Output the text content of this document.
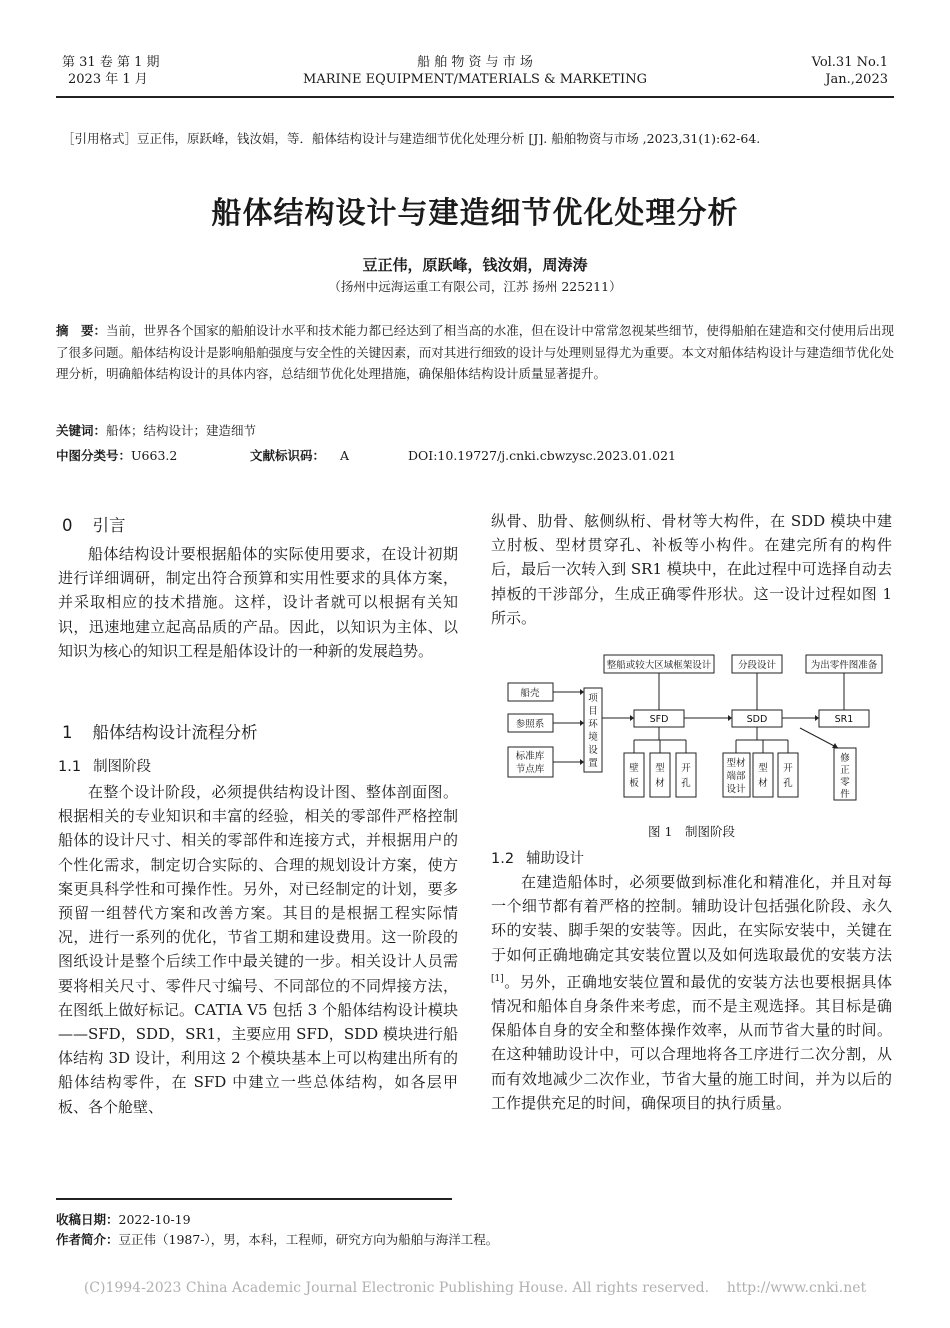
第 31 卷 第 1 期
2023 年 1 月
船 舶 物 资 与 市 场
MARINE EQUIPMENT/MATERIALS & MARKETING
Vol.31 No.1
Jan.,2023
［引用格式］豆正伟，原跃峰，钱汝娟，等．船体结构设计与建造细节优化处理分析 [J]. 船舶物资与市场 ,2023,31(1):62-64.
船体结构设计与建造细节优化处理分析
豆正伟，原跃峰，钱汝娟，周涛涛
（扬州中远海运重工有限公司，江苏 扬州 225211）
摘　要：当前，世界各个国家的船舶设计水平和技术能力都已经达到了相当高的水准，但在设计中常常忽视某些细节，使得船舶在建造和交付使用后出现了很多问题。船体结构设计是影响船舶强度与安全性的关键因素，而对其进行细致的设计与处理则显得尤为重要。本文对船体结构设计与建造细节优化处理分析，明确船体结构设计的具体内容，总结细节优化处理措施，确保船体结构设计质量显著提升。
关键词：船体；结构设计；建造细节
中图分类号：U663.2	文献标识码： A	DOI:10.19727/j.cnki.cbwzysc.2023.01.021
0 引言

船体结构设计要根据船体的实际使用要求，在设计初期进行详细调研，制定出符合预算和实用性要求的具体方案，并采取相应的技术措施。这样，设计者就可以根据有关知识，迅速地建立起高品质的产品。因此，以知识为主体、以知识为核心的知识工程是船体设计的一种新的发展趋势。

1 船体结构设计流程分析
1.1 制图阶段

在整个设计阶段，必须提供结构设计图、整体剖面图。根据相关的专业知识和丰富的经验，相关的零部件严格控制船体的设计尺寸、相关的零部件和连接方式，并根据用户的个性化需求，制定切合实际的、合理的规划设计方案，使方案更具科学性和可操作性。另外，对已经制定的计划，要多预留一组替代方案和改善方案。其目的是根据工程实际情况，进行一系列的优化，节省工期和建设费用。这一阶段的图纸设计是整个后续工作中最关键的一步。相关设计人员需要将相关尺寸、零件尺寸编号、不同部位的不同焊接方法，在图纸上做好标记。CATIA V5 包括 3 个船体结构设计模块——SFD，SDD，SR1，主要应用 SFD，SDD 模块进行船体结构 3D 设计，利用这 2 个模块基本上可以构建出所有的船体结构零件，在 SFD 中建立一些总体结构，如各层甲板、各个舱壁、

纵骨、肋骨、舷侧纵桁、骨材等大构件，在 SDD 模块中建立肘板、型材贯穿孔、补板等小构件。在建完所有的构件后，最后一次转入到 SR1 模块中，在此过程中可选择自动去掉板的干涉部分，生成正确零件形状。这一设计过程如图 1 所示。

整船或较大区域框架设计	分段设计	为出零件图准备
船壳
参照系
标准库
节点库
项
目
环
境
设
置
SFD	SDD	SR1
壁
板
型
材
开
孔
型材
端部
设计
型
材
开
孔
修
正
零
件
图 1　制图阶段
1.2 辅助设计

在建造船体时，必须要做到标准化和精准化，并且对每一个细节都有着严格的控制。辅助设计包括强化阶段、永久环的安装、脚手架的安装等。因此，在实际安装中，关键在于如何正确地确定其安装位置以及如何选取最优的安装方法[1]。另外，正确地安装位置和最优的安装方法也要根据具体情况和船体自身条件来考虑，而不是主观选择。其目标是确保船体自身的安全和整体操作效率，从而节省大量的时间。在这种辅助设计中，可以合理地将各工序进行二次分割，从而有效地减少二次作业，节省大量的施工时间，并为以后的工作提供充足的时间，确保项目的执行质量。

收稿日期：2022-10-19
作者简介：豆正伟（1987-），男，本科，工程师，研究方向为船舶与海洋工程。
(C)1994-2023 China Academic Journal Electronic Publishing House. All rights reserved.    http://www.cnki.net
